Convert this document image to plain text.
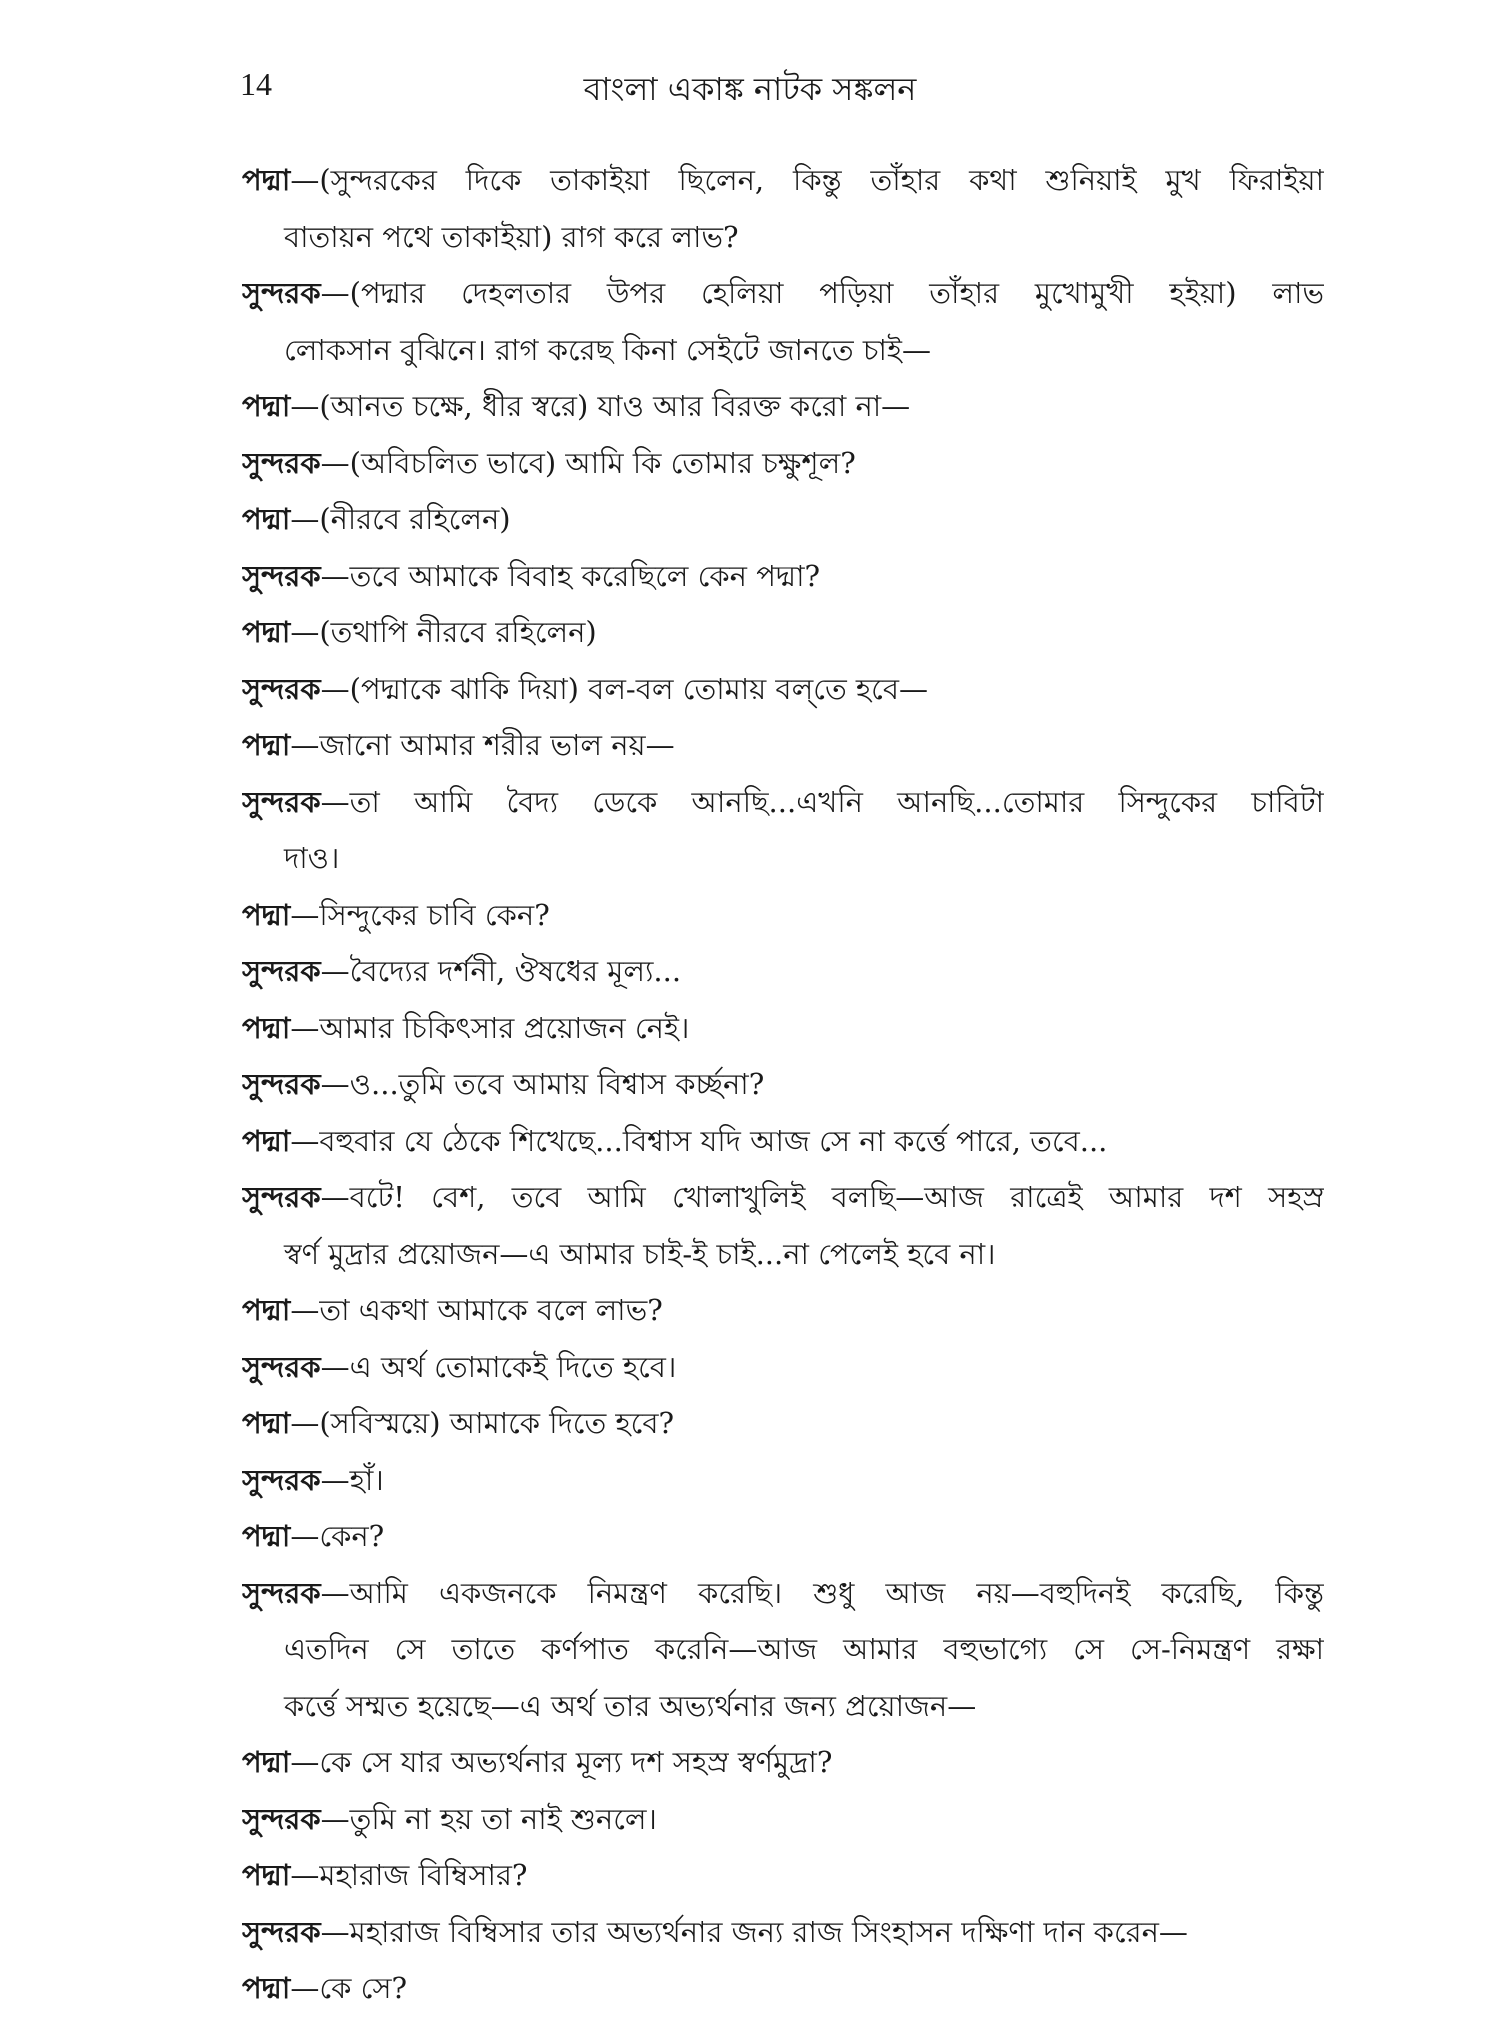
14	বাংলা একাঙ্ক নাটক সঙ্কলন
পদ্মা—(সুন্দরকের দিকে তাকাইয়া ছিলেন, কিন্তু তাঁহার কথা শুনিয়াই মুখ ফিরাইয়া
বাতায়ন পথে তাকাইয়া) রাগ করে লাভ?
সুন্দরক—(পদ্মার দেহলতার উপর হেলিয়া পড়িয়া তাঁহার মুখোমুখী হইয়া) লাভ
লোকসান বুঝিনে। রাগ করেছ কিনা সেইটে জানতে চাই—
পদ্মা—(আনত চক্ষে, ধীর স্বরে) যাও আর বিরক্ত করো না—
সুন্দরক—(অবিচলিত ভাবে) আমি কি তোমার চক্ষুশূল?
পদ্মা—(নীরবে রহিলেন)
সুন্দরক—তবে আমাকে বিবাহ করেছিলে কেন পদ্মা?
পদ্মা—(তথাপি নীরবে রহিলেন)
সুন্দরক—(পদ্মাকে ঝাকি দিয়া) বল-বল তোমায় বল্‌তে হবে—
পদ্মা—জানো আমার শরীর ভাল নয়—
সুন্দরক—তা আমি বৈদ্য ডেকে আনছি...এখনি আনছি...তোমার সিন্দুকের চাবিটা
দাও।
পদ্মা—সিন্দুকের চাবি কেন?
সুন্দরক—বৈদ্যের দর্শনী, ঔষধের মূল্য...
পদ্মা—আমার চিকিৎসার প্রয়োজন নেই।
সুন্দরক—ও...তুমি তবে আমায় বিশ্বাস কর্চ্ছনা?
পদ্মা—বহুবার যে ঠেকে শিখেছে...বিশ্বাস যদি আজ সে না কর্ত্তে পারে, তবে...
সুন্দরক—বটে! বেশ, তবে আমি খোলাখুলিই বলছি—আজ রাত্রেই আমার দশ সহস্র
স্বর্ণ মুদ্রার প্রয়োজন—এ আমার চাই-ই চাই...না পেলেই হবে না।
পদ্মা—তা একথা আমাকে বলে লাভ?
সুন্দরক—এ অর্থ তোমাকেই দিতে হবে।
পদ্মা—(সবিস্ময়ে) আমাকে দিতে হবে?
সুন্দরক—হাঁ।
পদ্মা—কেন?
সুন্দরক—আমি একজনকে নিমন্ত্রণ করেছি। শুধু আজ নয়—বহুদিনই করেছি, কিন্তু
এতদিন সে তাতে কর্ণপাত করেনি—আজ আমার বহুভাগ্যে সে সে-নিমন্ত্রণ রক্ষা
কর্ত্তে সম্মত হয়েছে—এ অর্থ তার অভ্যর্থনার জন্য প্রয়োজন—
পদ্মা—কে সে যার অভ্যর্থনার মূল্য দশ সহস্র স্বর্ণমুদ্রা?
সুন্দরক—তুমি না হয় তা নাই শুনলে।
পদ্মা—মহারাজ বিম্বিসার?
সুন্দরক—মহারাজ বিম্বিসার তার অভ্যর্থনার জন্য রাজ সিংহাসন দক্ষিণা দান করেন—
পদ্মা—কে সে?
